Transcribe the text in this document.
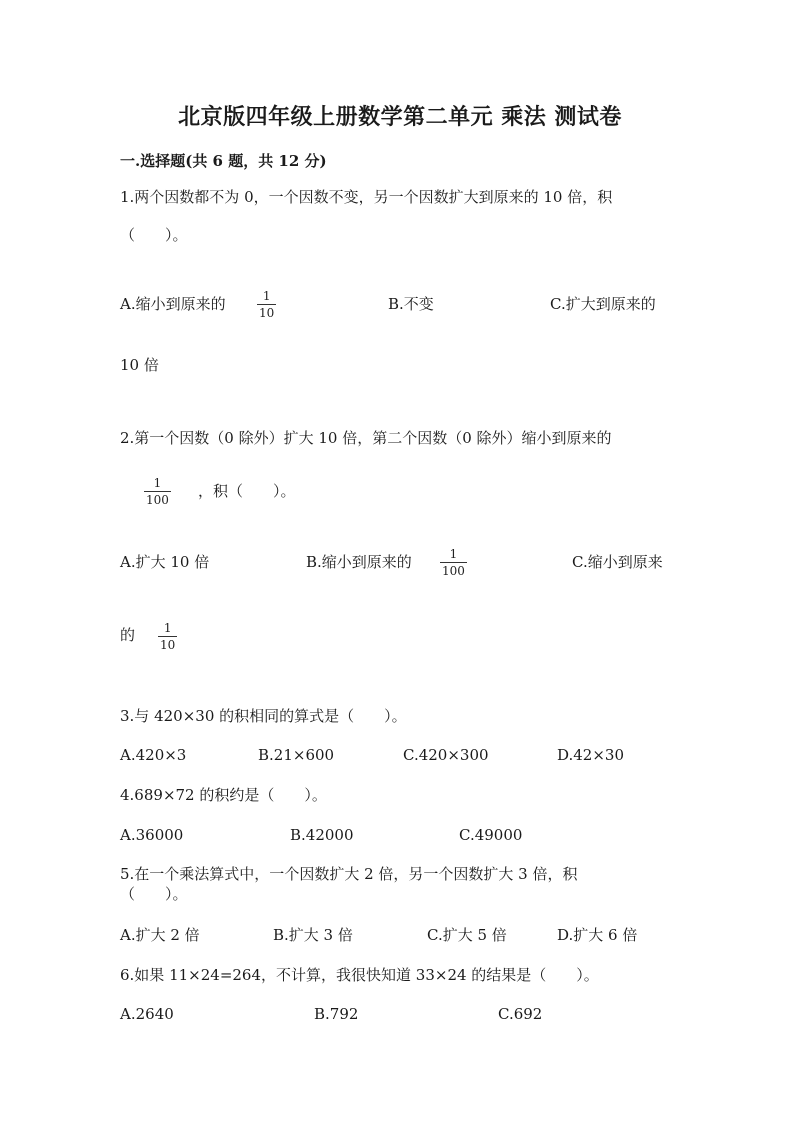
北京版四年级上册数学第二单元 乘法 测试卷
一.选择题(共 6 题，共 12 分)
1.两个因数都不为 0，一个因数不变，另一个因数扩大到原来的 10 倍，积
（　　）。
A.缩小到原来的	1
10	B.不变	C.扩大到原来的
10 倍
2.第一个因数（0 除外）扩大 10 倍，第二个因数（0 除外）缩小到原来的
1
100 ，积（　　）。
A.扩大 10 倍	B.缩小到原来的	1
100	C.缩小到原来
的 1
10
3.与 420×30 的积相同的算式是（　　）。
A.420×3	B.21×600	C.420×300	D.42×30
4.689×72 的积约是（　　）。
A.36000	B.42000	C.49000
5.在一个乘法算式中，一个因数扩大 2 倍，另一个因数扩大 3 倍，积
（　　）。
A.扩大 2 倍	B.扩大 3 倍	C.扩大 5 倍	D.扩大 6 倍
6.如果 11×24=264，不计算，我很快知道 33×24 的结果是（　　）。
A.2640	B.792	C.692
